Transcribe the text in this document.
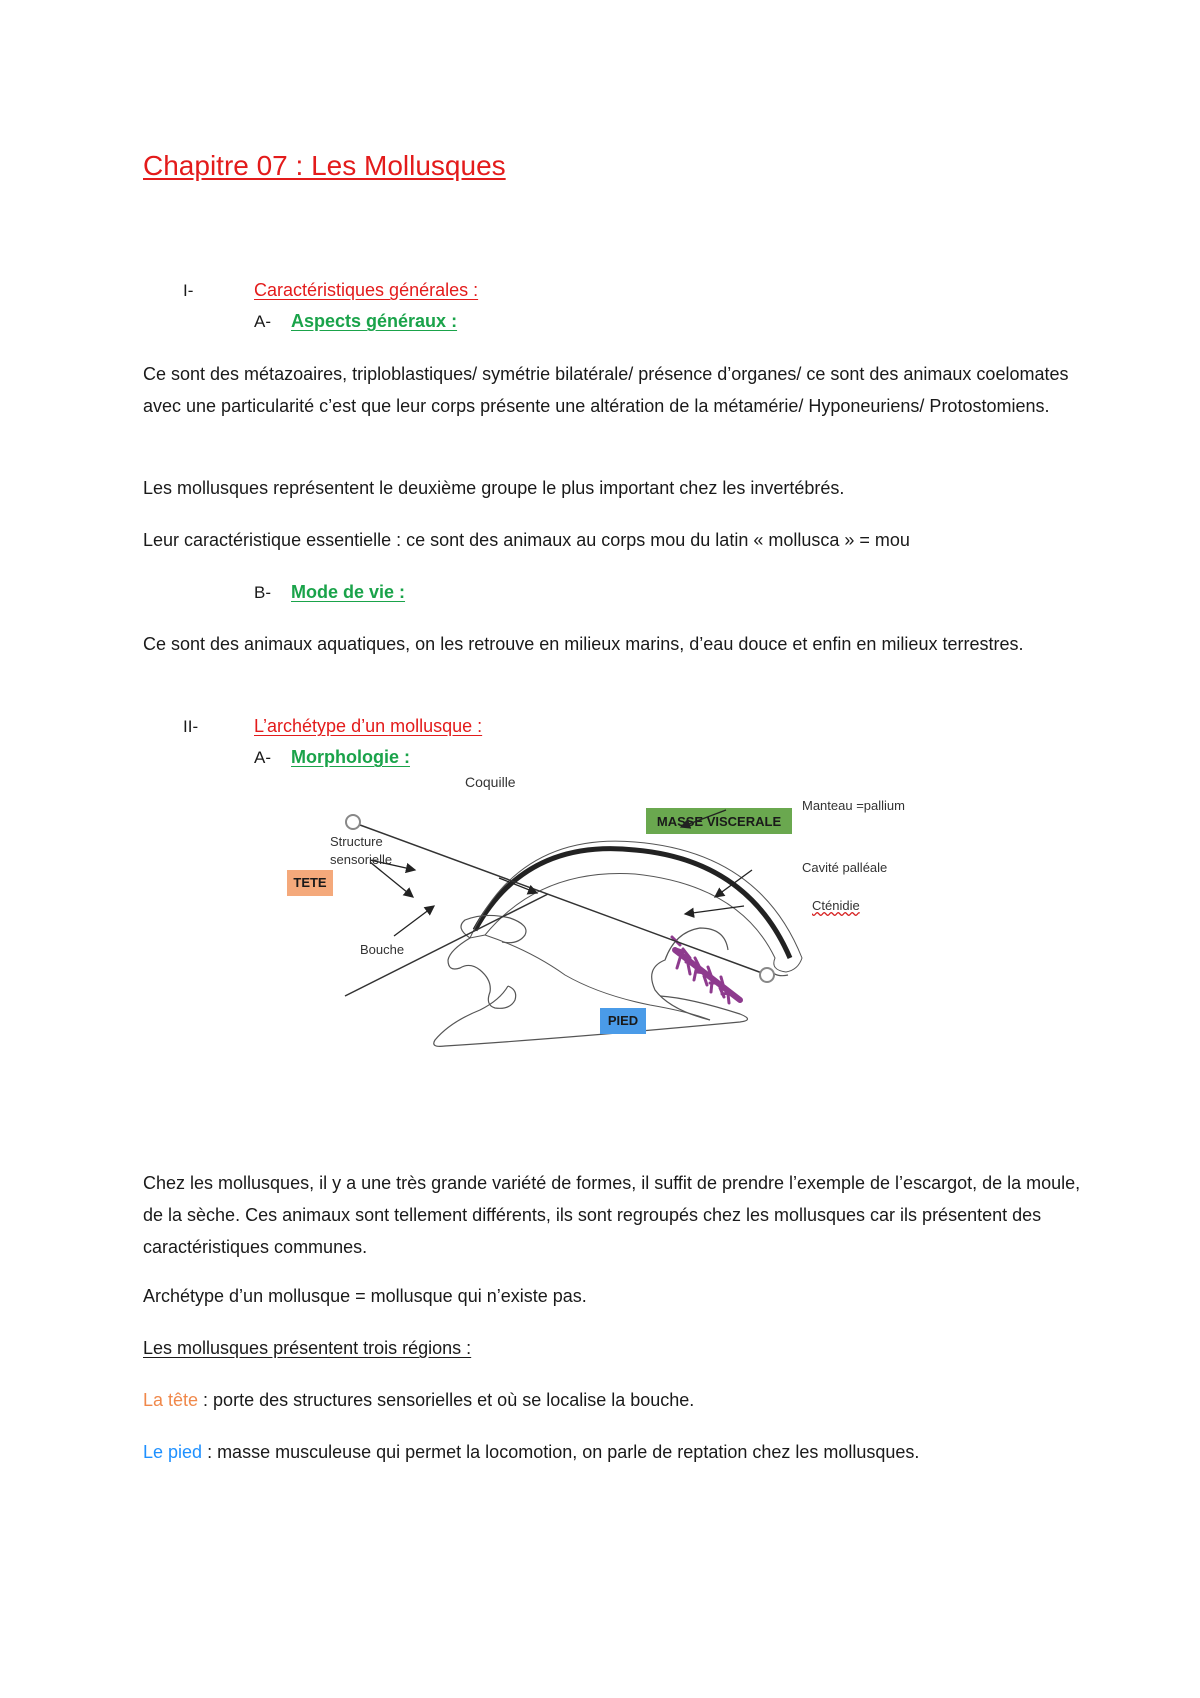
Chapitre 07 : Les Mollusques
I-	Caractéristiques générales :
A- Aspects généraux :

Ce sont des métazoaires, triploblastiques/ symétrie bilatérale/ présence d’organes/ ce sont des animaux coelomates avec une particularité c’est que leur corps présente une altération de la métamérie/ Hyponeuriens/ Protostomiens.

Les mollusques représentent le deuxième groupe le plus important chez les invertébrés.

Leur caractéristique essentielle : ce sont des animaux au corps mou du latin « mollusca » = mou

B- Mode de vie :

Ce sont des animaux aquatiques, on les retrouve en milieux marins, d’eau douce et enfin en milieux terrestres.

II-	L’archétype d’un mollusque :
A- Morphologie :
MASSE VISCERALE
Coquille
Manteau =pallium
Structure
sensorielle
Cavité palléale
Cténidie
Bouche
TETE
PIED

Chez les mollusques, il y a une très grande variété de formes, il suffit de prendre l’exemple de l’escargot, de la moule, de la sèche. Ces animaux sont tellement différents, ils sont regroupés chez les mollusques car ils présentent des caractéristiques communes.

Archétype d’un mollusque = mollusque qui n’existe pas.

Les mollusques présentent trois régions :

La tête : porte des structures sensorielles et où se localise la bouche.

Le pied : masse musculeuse qui permet la locomotion, on parle de reptation chez les mollusques.
